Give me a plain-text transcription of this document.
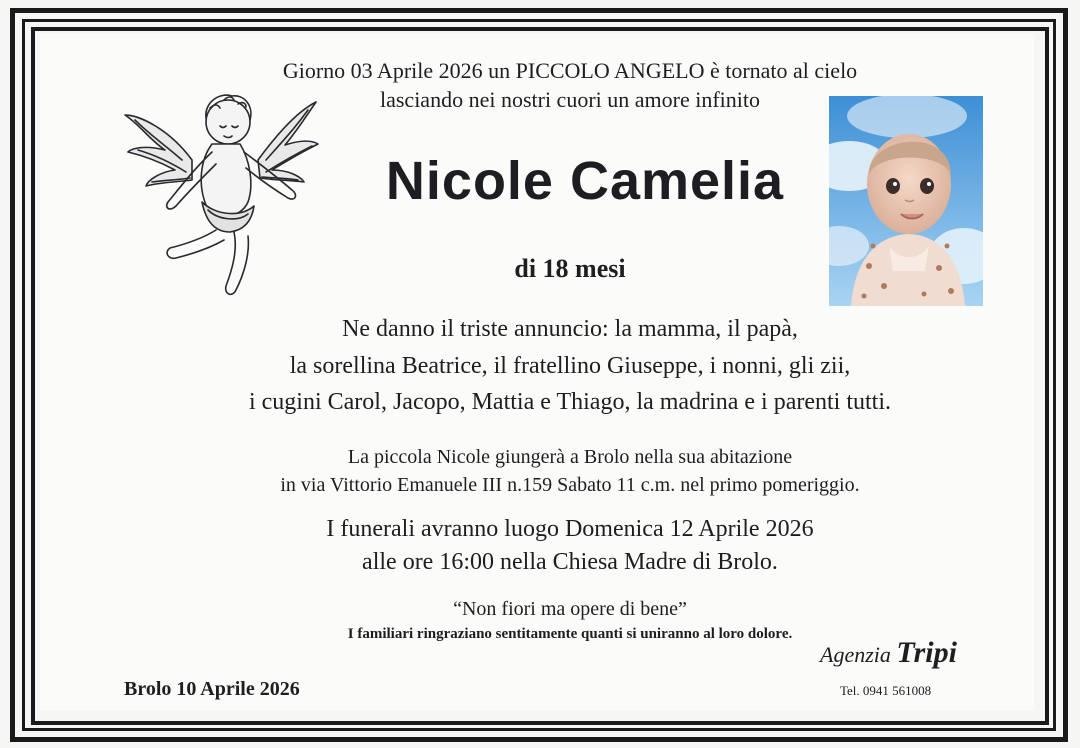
Giorno 03 Aprile 2026 un PICCOLO ANGELO è tornato al cielo
lasciando nei nostri cuori un amore infinito
Nicole Camelia
di 18 mesi
Ne danno il triste annuncio: la mamma, il papà,
la sorellina Beatrice, il fratellino Giuseppe, i nonni, gli zii,
i cugini Carol, Jacopo, Mattia e Thiago, la madrina e i parenti tutti.
La piccola Nicole giungerà a Brolo nella sua abitazione
in via Vittorio Emanuele III n.159 Sabato 11 c.m. nel primo pomeriggio.
I funerali avranno luogo Domenica 12 Aprile 2026
alle ore 16:00 nella Chiesa Madre di Brolo.
“Non fiori ma opere di bene”
I familiari ringraziano sentitamente quanti si uniranno al loro dolore.
Brolo 10 Aprile 2026
Agenzia Tripi
Tel. 0941 561008
